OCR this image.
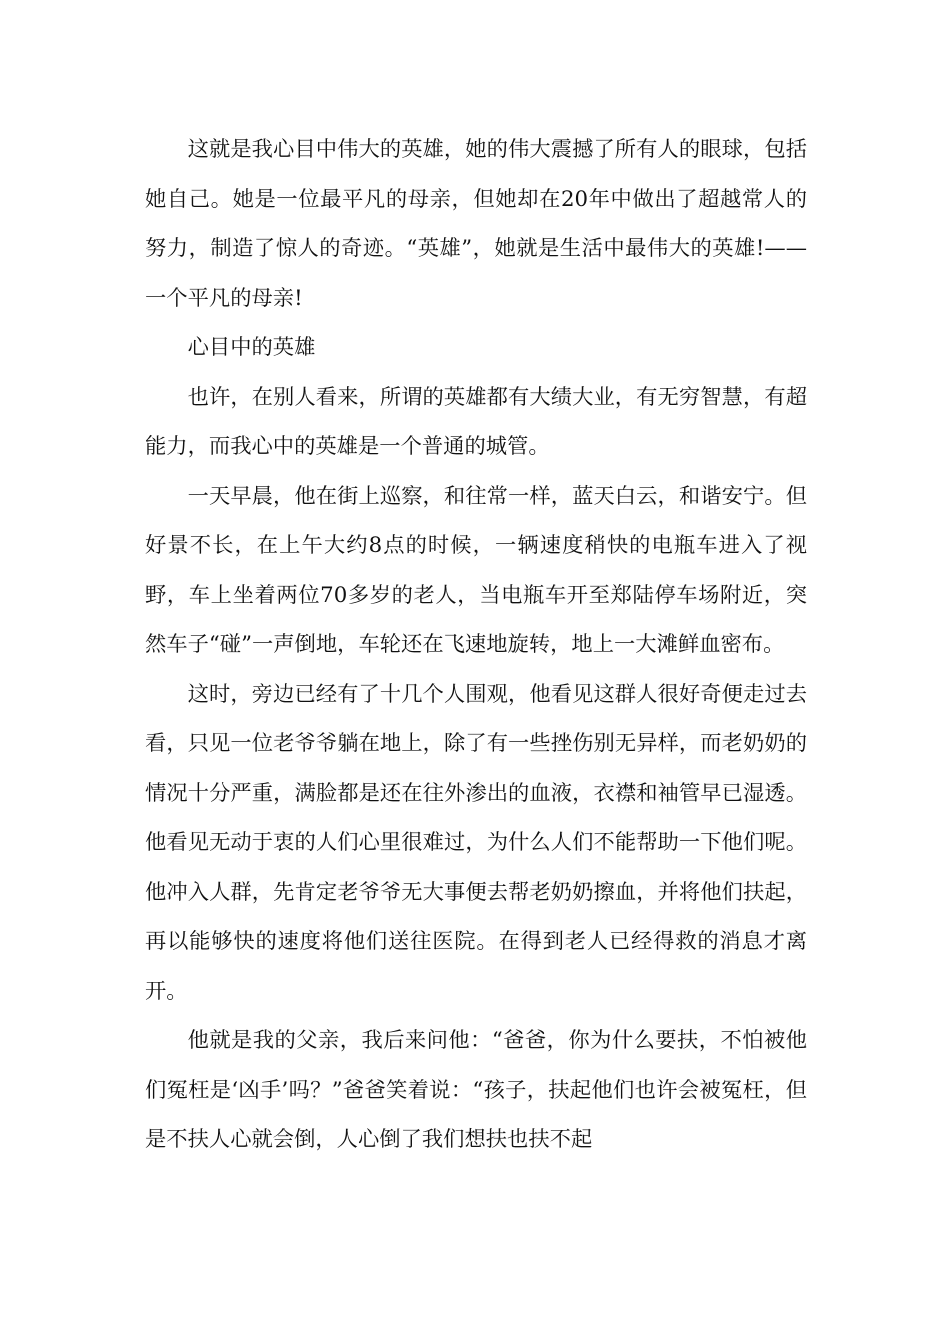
这就是我心目中伟大的英雄，她的伟大震撼了所有人的眼球，包括她自己。她是一位最平凡的母亲，但她却在20年中做出了超越常人的努力，制造了惊人的奇迹。“英雄”，她就是生活中最伟大的英雄!——一个平凡的母亲!

心目中的英雄

也许，在别人看来，所谓的英雄都有大绩大业，有无穷智慧，有超能力，而我心中的英雄是一个普通的城管。

一天早晨，他在街上巡察，和往常一样，蓝天白云，和谐安宁。但好景不长，在上午大约8点的时候，一辆速度稍快的电瓶车进入了视野，车上坐着两位70多岁的老人，当电瓶车开至郑陆停车场附近，突然车子“碰”一声倒地，车轮还在飞速地旋转，地上一大滩鲜血密布。

这时，旁边已经有了十几个人围观，他看见这群人很好奇便走过去看，只见一位老爷爷躺在地上，除了有一些挫伤别无异样，而老奶奶的情况十分严重，满脸都是还在往外渗出的血液，衣襟和袖管早已湿透。他看见无动于衷的人们心里很难过，为什么人们不能帮助一下他们呢。他冲入人群，先肯定老爷爷无大事便去帮老奶奶擦血，并将他们扶起，再以能够快的速度将他们送往医院。在得到老人已经得救的消息才离开。

他就是我的父亲，我后来问他：“爸爸，你为什么要扶，不怕被他们冤枉是‘凶手’吗？”爸爸笑着说：“孩子，扶起他们也许会被冤枉，但是不扶人心就会倒，人心倒了我们想扶也扶不起
